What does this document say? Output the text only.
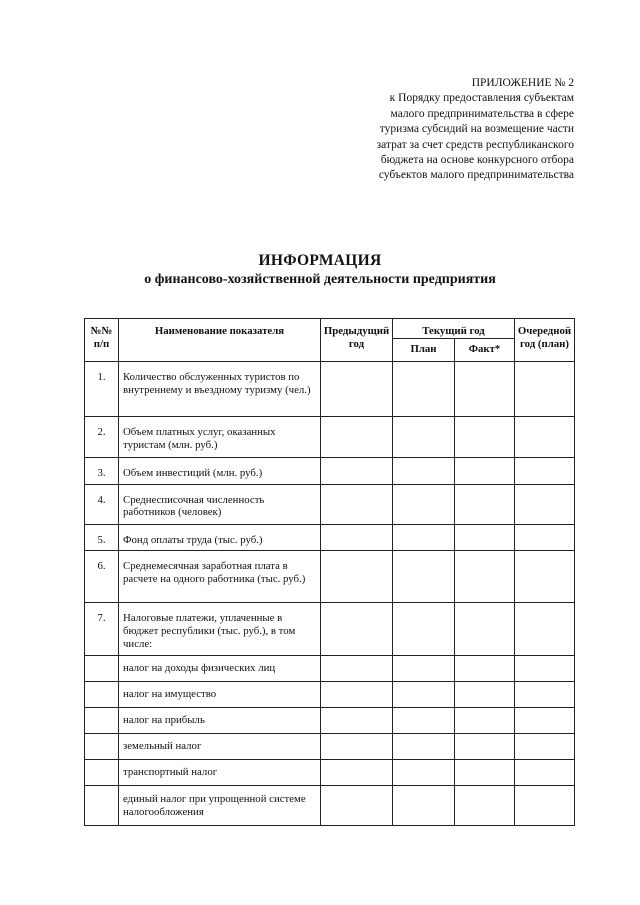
ПРИЛОЖЕНИЕ № 2
к Порядку предоставления субъектам
малого предпринимательства в сфере
туризма субсидий на возмещение части
затрат за счет средств республиканского
бюджета на основе конкурсного отбора
субъектов малого предпринимательства
ИНФОРМАЦИЯ
о финансово-хозяйственной деятельности предприятия
№№ п/п	Наименование показателя	Предыдущий год	Текущий год		Очередной год (план)
			План	Факт*	
1.	Количество обслуженных туристов по внутреннему и въездному туризму (чел.)				
2.	Объем платных услуг, оказанных туристам (млн. руб.)				
3.	Объем инвестиций (млн. руб.)				
4.	Среднесписочная численность работников (человек)				
5.	Фонд оплаты труда (тыс. руб.)				
6.	Среднемесячная заработная плата в расчете на одного работника (тыс. руб.)				
7.	Налоговые платежи, уплаченные в бюджет республики (тыс. руб.), в том числе:				
	налог на доходы физических лиц				
	налог на имущество				
	налог на прибыль				
	земельный налог				
	транспортный налог				
	единый налог при упрощенной системе налогообложения				
